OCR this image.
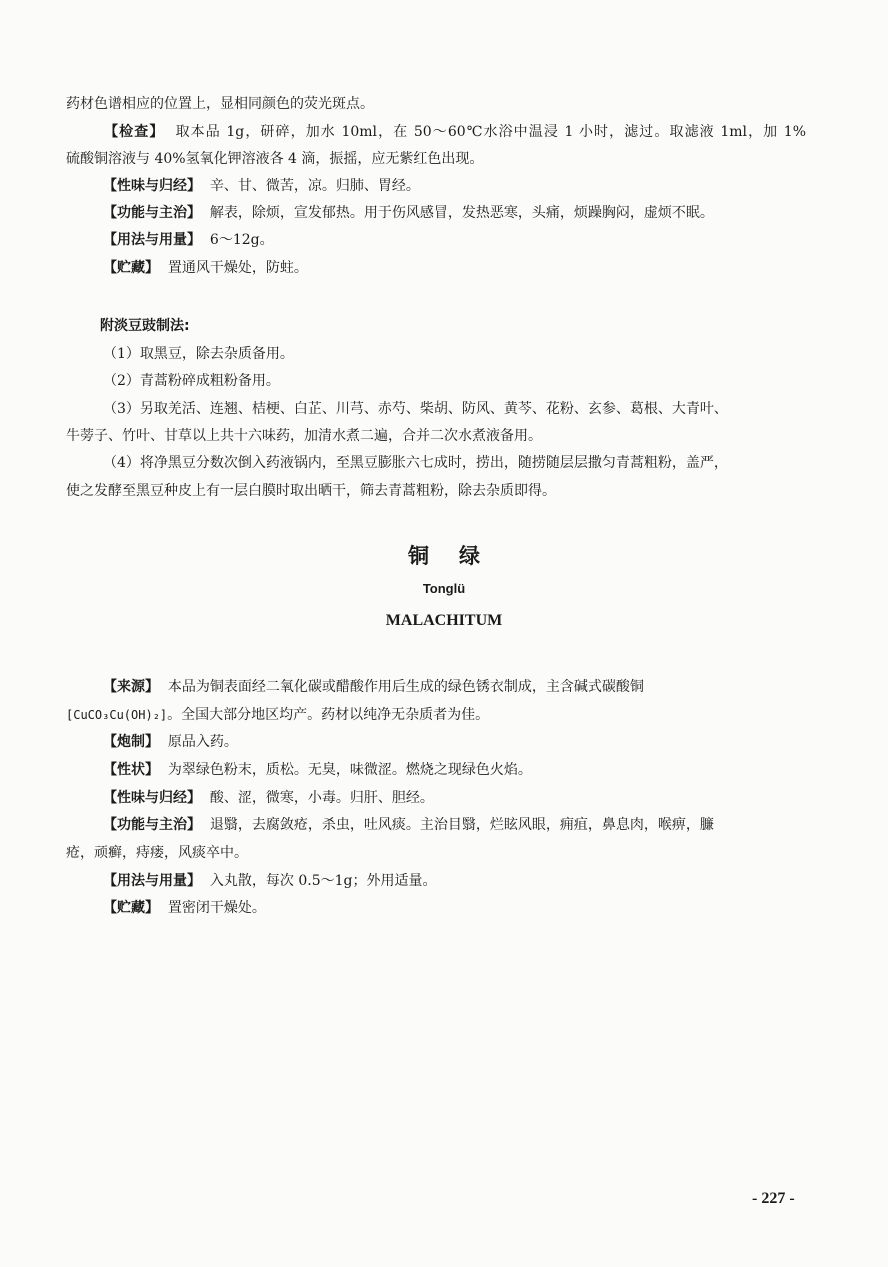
药材色谱相应的位置上，显相同颜色的荧光斑点。
【检查】 取本品 1g，研碎，加水 10ml，在 50～60℃水浴中温浸 1 小时，滤过。取滤液 1ml，加 1%
硫酸铜溶液与 40%氢氧化钾溶液各 4 滴，振摇，应无紫红色出现。
【性味与归经】 辛、甘、微苦，凉。归肺、胃经。
【功能与主治】 解表，除烦，宣发郁热。用于伤风感冒，发热恶寒，头痛，烦躁胸闷，虚烦不眠。
【用法与用量】 6～12g。
【贮藏】 置通风干燥处，防蛀。
附淡豆豉制法:
（1）取黑豆，除去杂质备用。
（2）青蒿粉碎成粗粉备用。
（3）另取羌活、连翘、桔梗、白芷、川芎、赤芍、柴胡、防风、黄芩、花粉、玄参、葛根、大青叶、
牛蒡子、竹叶、甘草以上共十六味药，加清水煮二遍，合并二次水煮液备用。
（4）将净黑豆分数次倒入药液锅内，至黑豆膨胀六七成时，捞出，随捞随层层撒匀青蒿粗粉，盖严，
使之发酵至黑豆种皮上有一层白膜时取出晒干，筛去青蒿粗粉，除去杂质即得。
铜绿
Tonglü
MALACHITUM
【来源】 本品为铜表面经二氧化碳或醋酸作用后生成的绿色锈衣制成，主含碱式碳酸铜
[CuCO₃Cu(OH)₂]。全国大部分地区均产。药材以纯净无杂质者为佳。
【炮制】 原品入药。
【性状】 为翠绿色粉末，质松。无臭，味微涩。燃烧之现绿色火焰。
【性味与归经】 酸、涩，微寒，小毒。归肝、胆经。
【功能与主治】 退翳，去腐敛疮，杀虫，吐风痰。主治目翳，烂眩风眼，痈疽，鼻息肉，喉痹，臁
疮，顽癣，痔瘘，风痰卒中。
【用法与用量】 入丸散，每次 0.5～1g；外用适量。
【贮藏】 置密闭干燥处。
- 227 -
